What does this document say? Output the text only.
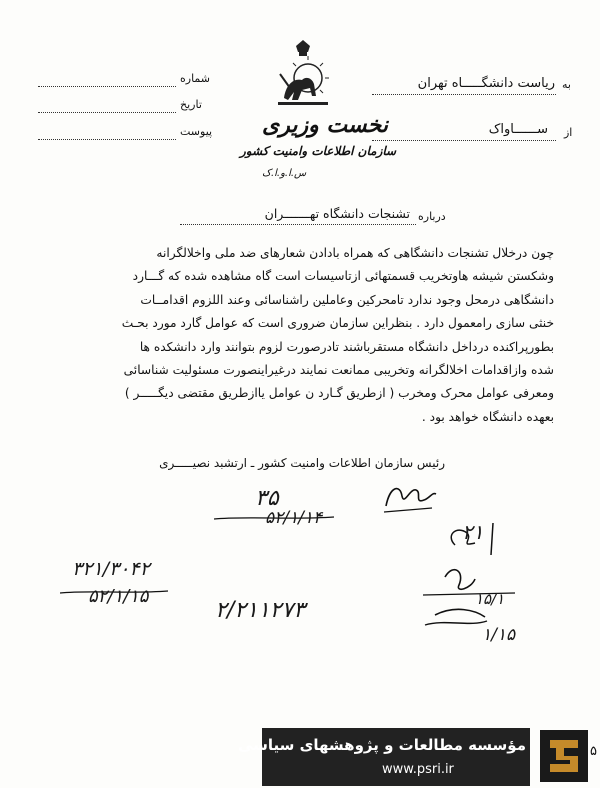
شماره
تاریخ
پیوست نخست وزیری
سازمان اطلاعات وامنیت کشور
س.ا.و.ا.ک
به
ریاست دانشگـــــاه تهران
از
ســــــاواک
درباره
تشنجات دانشگاه تهـــــــران
چون درخلال تشنجات دانشگاهی که همراه بادادن شعارهای ضد ملی واخلالگرانه
وشکستن شیشه هاوتخریب قسمتهائی ازتاسیسات است گاه مشاهده شده که گـــارد
دانشگاهی درمحل وجود ندارد تامحرکین وعاملین راشناسائی وعند اللزوم اقدامــات
خنثی سازی رامعمول دارد . بنظراین سازمان ضروری است که عوامل گارد مورد بحـث
بطورپراکنده درداخل دانشگاه مستقرباشند تادرصورت لزوم بتوانند وارد دانشکده ها
شده وازاقدامات اخلالگرانه وتخریبی ممانعت نمایند درغیراینصورت مسئولیت شناسائی
ومعرفی عوامل محرک ومخرب ( ازطریق گـارد ن عوامل یاازطریق مقتضی دیگـــــر )
بعهده دانشگاه خواهد بود .
رئیس سازمان اطلاعات وامنیت کشور ـ ارتشبد نصیـــــری
۳۵
۵۲/۱/۱۴
۳۲۱/۳۰۴۲
۵۲/۱/۱۵
۲/۲۱۱۲۷۳
۲۱
۱۵/۱
۱/۱۵
مؤسسه مطالعات و پژوهشهای سیاسی
www.psri.ir
۵
